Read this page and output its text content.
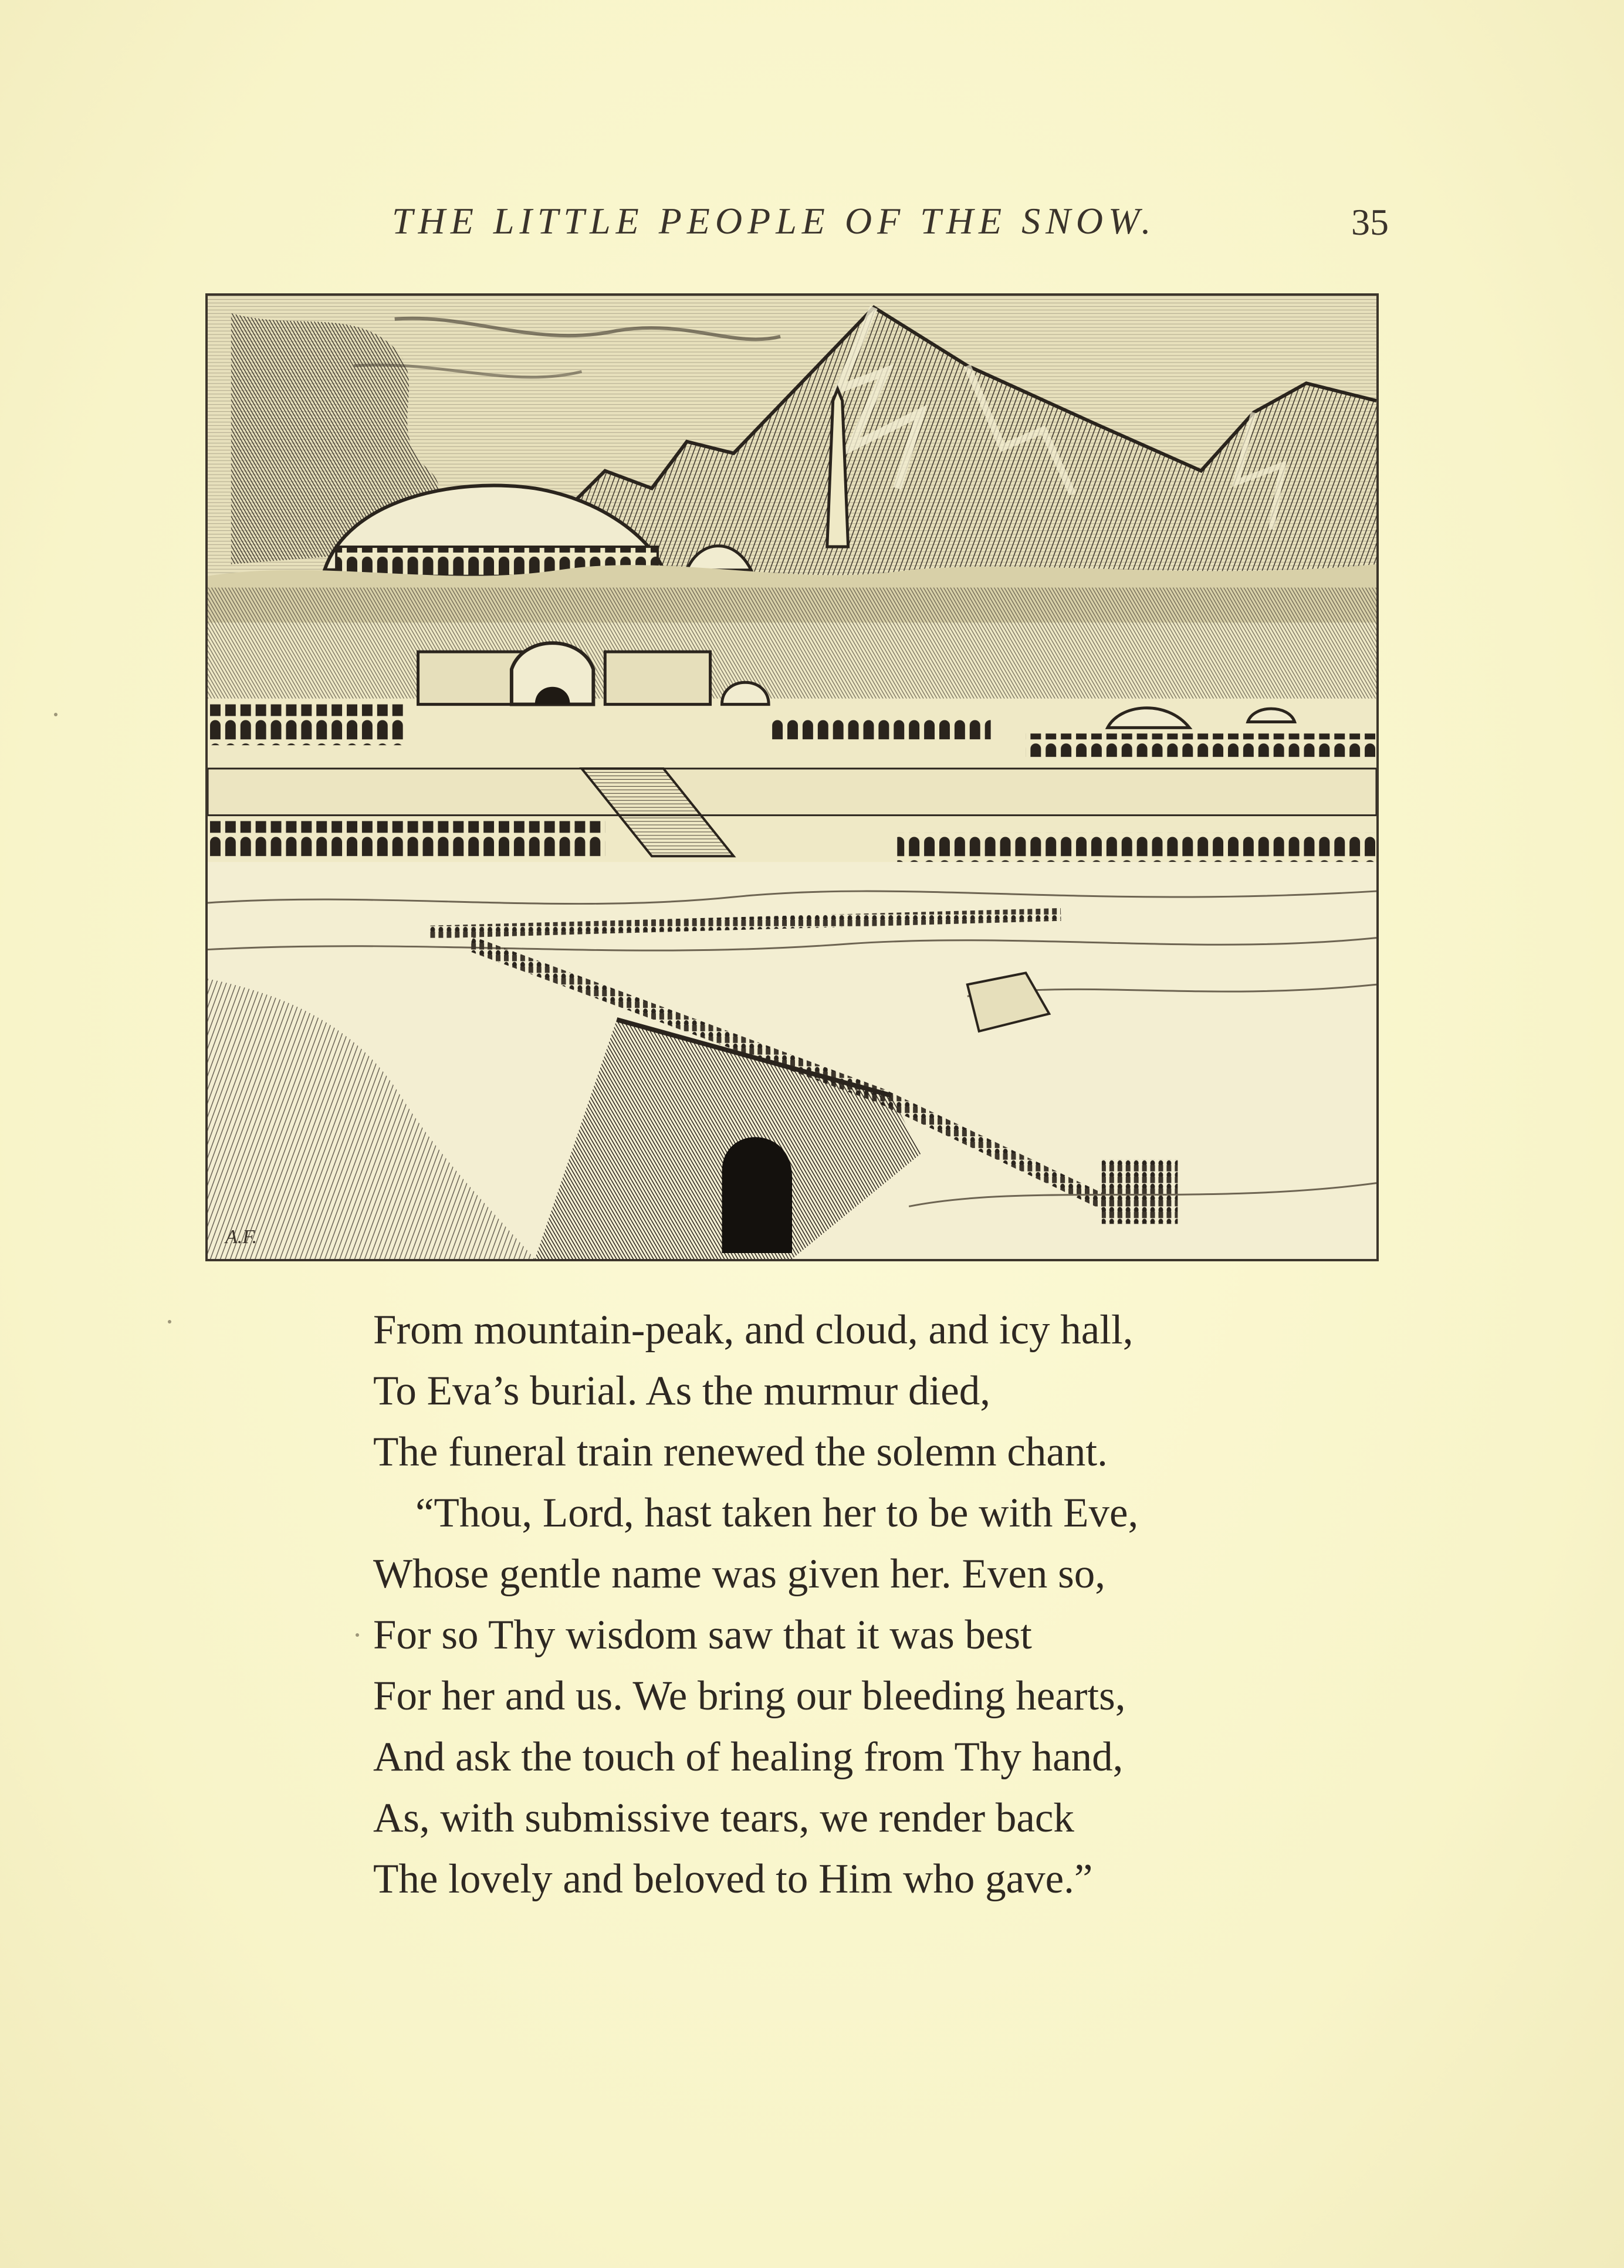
THE LITTLE PEOPLE OF THE SNOW.	35
A.F.
From mountain-peak, and cloud, and icy hall,
To Eva’s burial. As the murmur died,
The funeral train renewed the solemn chant.
“Thou, Lord, hast taken her to be with Eve,
Whose gentle name was given her. Even so,
For so Thy wisdom saw that it was best
For her and us. We bring our bleeding hearts,
And ask the touch of healing from Thy hand,
As, with submissive tears, we render back
The lovely and beloved to Him who gave.”
